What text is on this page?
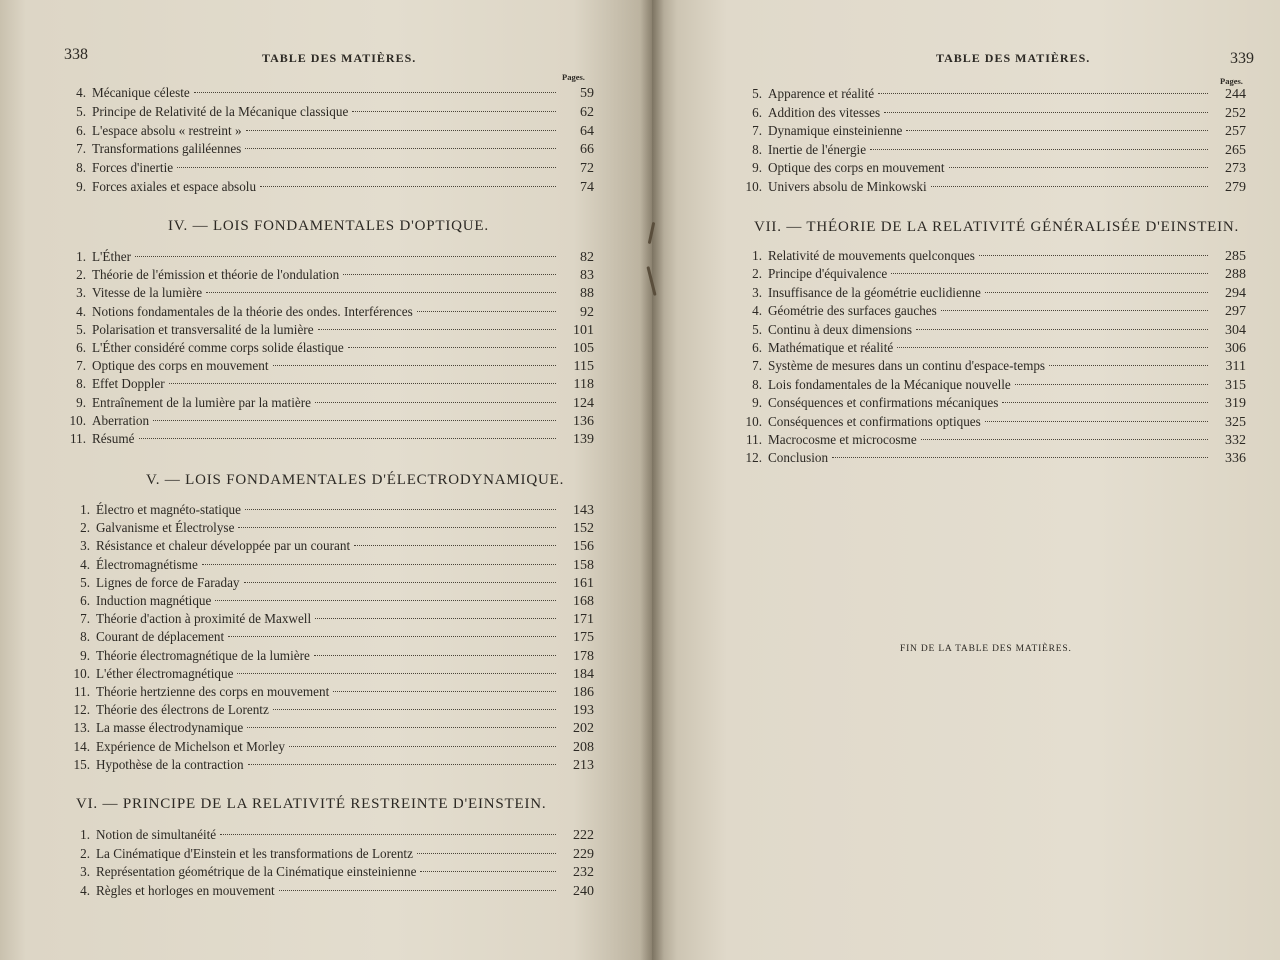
338	TABLE DES MATIÈRES.
Pages.
4. Mécanique céleste	59
5. Principe de Relativité de la Mécanique classique	62
6. L'espace absolu « restreint »	64
7. Transformations galiléennes	66
8. Forces d'inertie	72
9. Forces axiales et espace absolu	74
IV. — LOIS FONDAMENTALES D'OPTIQUE.
1. L'Éther	82
2. Théorie de l'émission et théorie de l'ondulation	83
3. Vitesse de la lumière	88
4. Notions fondamentales de la théorie des ondes. Interférences	92
5. Polarisation et transversalité de la lumière	101
6. L'Éther considéré comme corps solide élastique	105
7. Optique des corps en mouvement	115
8. Effet Doppler	118
9. Entraînement de la lumière par la matière	124
10. Aberration	136
11. Résumé	139
V. — LOIS FONDAMENTALES D'ÉLECTRODYNAMIQUE.
1. Électro et magnéto-statique	143
2. Galvanisme et Électrolyse	152
3. Résistance et chaleur développée par un courant	156
4. Électromagnétisme	158
5. Lignes de force de Faraday	161
6. Induction magnétique	168
7. Théorie d'action à proximité de Maxwell	171
8. Courant de déplacement	175
9. Théorie électromagnétique de la lumière	178
10. L'éther électromagnétique	184
11. Théorie hertzienne des corps en mouvement	186
12. Théorie des électrons de Lorentz	193
13. La masse électrodynamique	202
14. Expérience de Michelson et Morley	208
15. Hypothèse de la contraction	213
VI. — PRINCIPE DE LA RELATIVITÉ RESTREINTE D'EINSTEIN.
1. Notion de simultanéité	222
2. La Cinématique d'Einstein et les transformations de Lorentz	229
3. Représentation géométrique de la Cinématique einsteinienne	232
4. Règles et horloges en mouvement	240
TABLE DES MATIÈRES.	339
Pages.
5. Apparence et réalité	244
6. Addition des vitesses	252
7. Dynamique einsteinienne	257
8. Inertie de l'énergie	265
9. Optique des corps en mouvement	273
10. Univers absolu de Minkowski	279
VII. — THÉORIE DE LA RELATIVITÉ GÉNÉRALISÉE D'EINSTEIN.
1. Relativité de mouvements quelconques	285
2. Principe d'équivalence	288
3. Insuffisance de la géométrie euclidienne	294
4. Géométrie des surfaces gauches	297
5. Continu à deux dimensions	304
6. Mathématique et réalité	306
7. Système de mesures dans un continu d'espace-temps	311
8. Lois fondamentales de la Mécanique nouvelle	315
9. Conséquences et confirmations mécaniques	319
10. Conséquences et confirmations optiques	325
11. Macrocosme et microcosme	332
12. Conclusion	336
FIN DE LA TABLE DES MATIÈRES.
